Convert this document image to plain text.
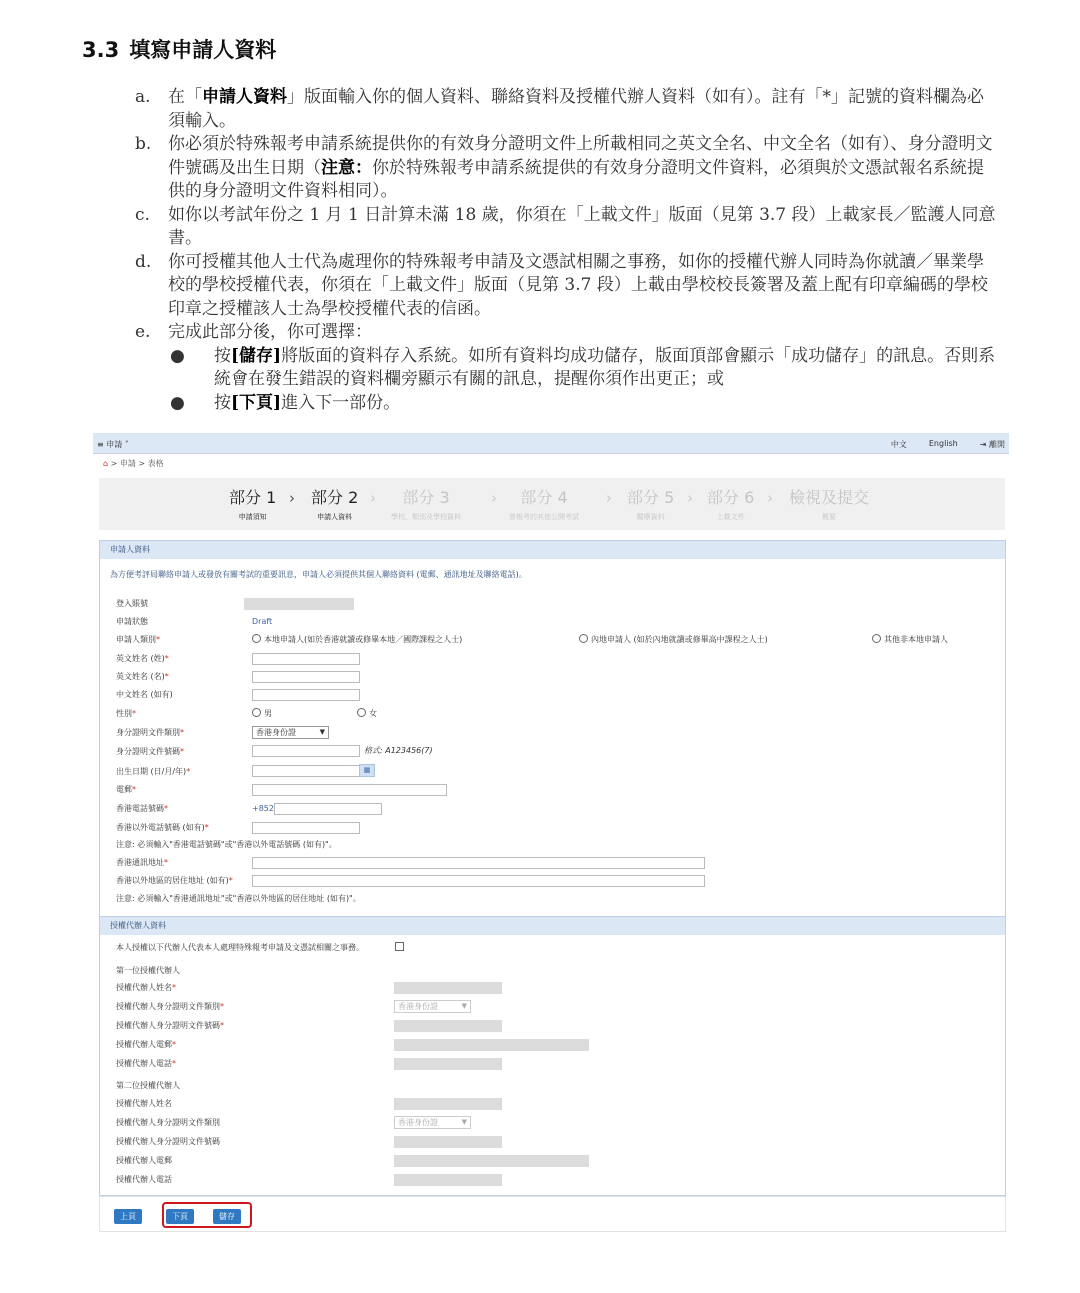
3.3 填寫申請人資料
a.	在「申請人資料」版面輸入你的個人資料、聯絡資料及授權代辦人資料（如有）。註有「*」記號的資料欄為必須輸入。
b. 你必須於特殊報考申請系統提供你的有效身分證明文件上所載相同之英文全名、中文全名（如有）、身分證明文件號碼及出生日期（注意：你於特殊報考申請系統提供的有效身分證明文件資料，必須與於文憑試報名系統提供的身分證明文件資料相同）。
c.	如你以考試年份之 1 月 1 日計算未滿 18 歲，你須在「上載文件」版面（見第 3.7 段）上載家長／監護人同意書。
d. 你可授權其他人士代為處理你的特殊報考申請及文憑試相關之事務，如你的授權代辦人同時為你就讀／畢業學校的學校授權代表，你須在「上載文件」版面（見第 3.7 段）上載由學校校長簽署及蓋上配有印章編碼的學校印章之授權該人士為學校授權代表的信函。
e.	完成此部分後，你可選擇：
●	按[儲存]將版面的資料存入系統。如所有資料均成功儲存，版面頂部會顯示「成功儲存」的訊息。否則系統會在發生錯誤的資料欄旁顯示有關的訊息，提醒你須作出更正；或
●	按[下頁]進入下一部份。
≡ 申請 ˅	中文	English	⇥ 離開
⌂ > 申請 > 表格
部分 1
申請須知
› 部分 2
申請人資料
›	部分 3
學校、類別及學校資料
›	部分 4
曾報考的其他公開考試
› 部分 5
醫療資料
› 部分 6
上載文件
› 檢視及提交
概要
申請人資料
為方便考評局聯絡申請人或發放有關考試的重要訊息，申請人必須提供其個人聯絡資料 (電郵、通訊地址及聯絡電話)。
登入賬號
申請狀態	Draft
申請人類別*	本地申請人(如於香港就讀或修畢本地／國際課程之人士)	內地申請人 (如於內地就讀或修畢高中課程之人士)	其他非本地申請人
英文姓名 (姓)*
英文姓名 (名)*
中文姓名 (如有)
性別*	男	女
身分證明文件類別*	香港身份證	▼
身分證明文件號碼*	格式: A123456(7)
出生日期 (日/月/年)*	▦
電郵*
香港電話號碼*	+852
香港以外電話號碼 (如有)*
注意: 必須輸入"香港電話號碼"或"香港以外電話號碼 (如有)"。
香港通訊地址*
香港以外地區的居住地址 (如有)*
注意: 必須輸入"香港通訊地址"或"香港以外地區的居住地址 (如有)"。
授權代辦人資料
本人授權以下代辦人代表本人處理特殊報考申請及文憑試相關之事務。
第一位授權代辦人
授權代辦人姓名*
授權代辦人身分證明文件類別*	香港身份證	▼
授權代辦人身分證明文件號碼*
授權代辦人電郵*
授權代辦人電話*
第二位授權代辦人
授權代辦人姓名
授權代辦人身分證明文件類別	香港身份證	▼
授權代辦人身分證明文件號碼
授權代辦人電郵
授權代辦人電話
上頁	下頁	儲存
